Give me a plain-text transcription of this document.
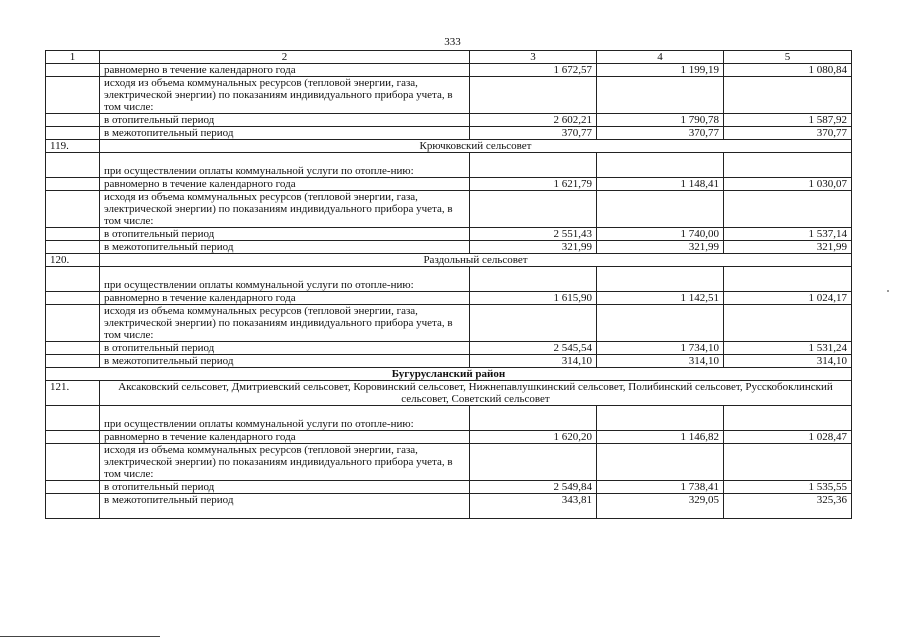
333
1	2	3	4	5
	равномерно в течение календарного года	1 672,57	1 199,19	1 080,84
	исходя из объема коммунальных ресурсов (тепловой энергии, газа, электрической энергии) по показаниям индивидуального прибора учета, в том числе:			
	в отопительный период	2 602,21	1 790,78	1 587,92
	в межотопительный период	370,77	370,77	370,77
119.	Крючковский сельсовет			
	при осуществлении оплаты коммунальной услуги по отопле-нию:			
	равномерно в течение календарного года	1 621,79	1 148,41	1 030,07
	исходя из объема коммунальных ресурсов (тепловой энергии, газа, электрической энергии) по показаниям индивидуального прибора учета, в том числе:			
	в отопительный период	2 551,43	1 740,00	1 537,14
	в межотопительный период	321,99	321,99	321,99
120.	Раздольный сельсовет			
	при осуществлении оплаты коммунальной услуги по отопле-нию:			
	равномерно в течение календарного года	1 615,90	1 142,51	1 024,17
	исходя из объема коммунальных ресурсов (тепловой энергии, газа, электрической энергии) по показаниям индивидуального прибора учета, в том числе:			
	в отопительный период	2 545,54	1 734,10	1 531,24
	в межотопительный период	314,10	314,10	314,10
Бугурусланский район				
121.	Аксаковский сельсовет, Дмитриевский сельсовет, Коровинский сельсовет, Нижнепавлушкинский сельсовет, Полибинский сельсовет, Русскобоклинский сельсовет, Советский сельсовет			
	при осуществлении оплаты коммунальной услуги по отопле-нию:			
	равномерно в течение календарного года	1 620,20	1 146,82	1 028,47
	исходя из объема коммунальных ресурсов (тепловой энергии, газа, электрической энергии) по показаниям индивидуального прибора учета, в том числе:			
	в отопительный период	2 549,84	1 738,41	1 535,55
	в межотопительный период	343,81	329,05	325,36
